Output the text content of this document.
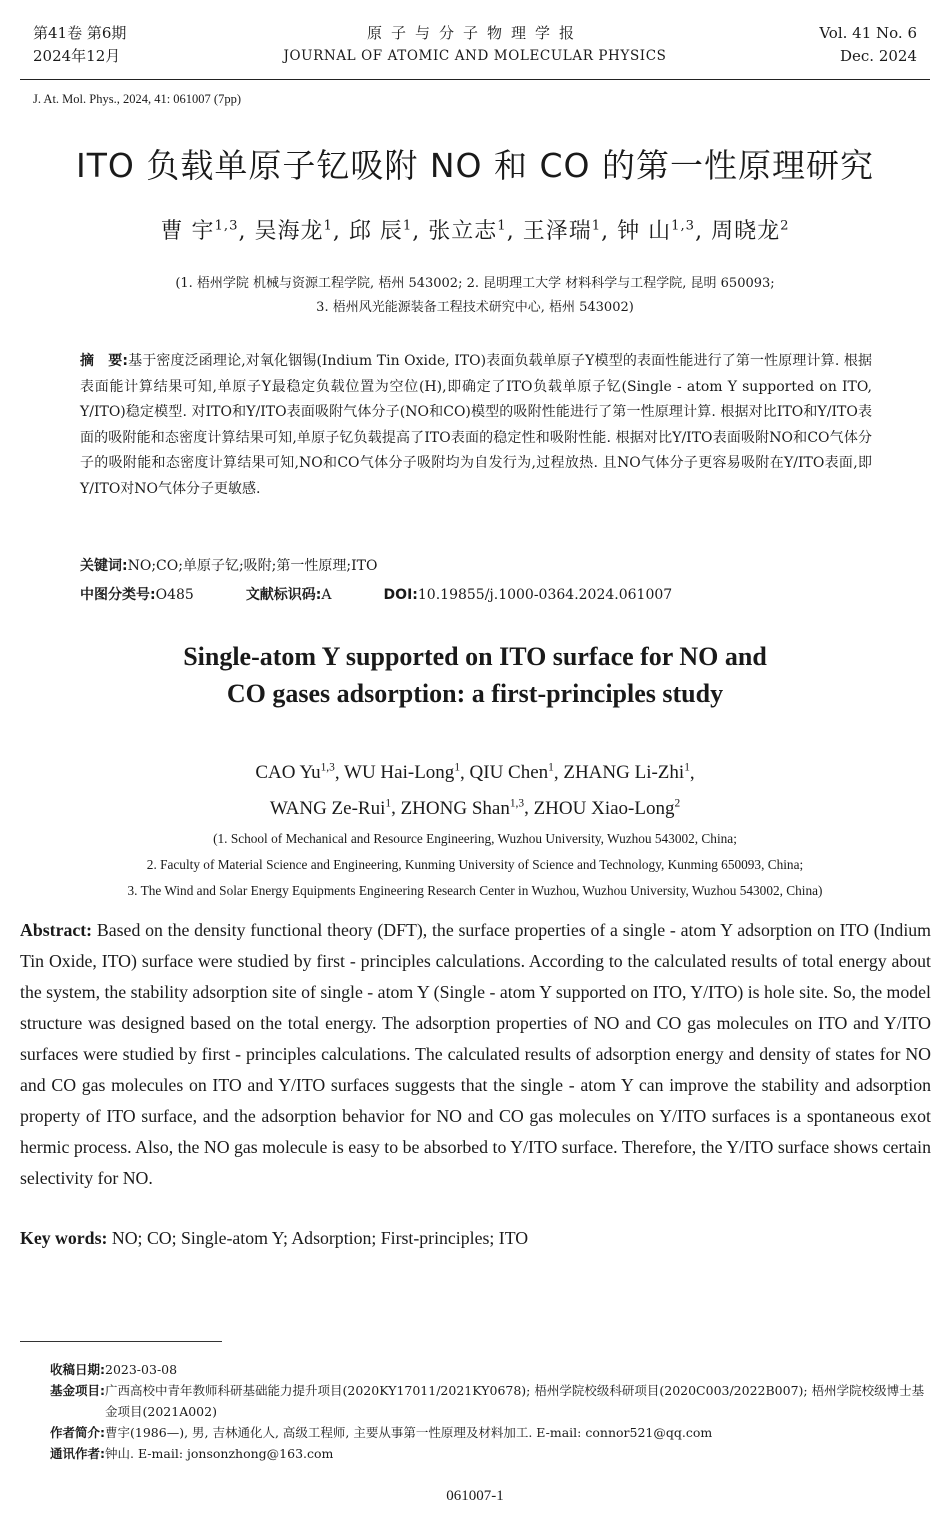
第41卷 第6期
2024年12月
原子与分子物理学报
JOURNAL OF ATOMIC AND MOLECULAR PHYSICS
Vol. 41 No. 6
Dec. 2024
J. At. Mol. Phys., 2024, 41: 061007 (7pp)
ITO 负载单原子钇吸附 NO 和 CO 的第一性原理研究
曹 宇$^{1,3}$, 吴海龙$^1$, 邱 辰$^1$, 张立志$^1$, 王泽瑞$^1$, 钟 山$^{1,3}$, 周晓龙$^2$
(1. 梧州学院 机械与资源工程学院, 梧州 543002; 2. 昆明理工大学 材料科学与工程学院, 昆明 650093;
3. 梧州风光能源装备工程技术研究中心, 梧州 543002)
摘　要:基于密度泛函理论,对氧化铟锡(Indium Tin Oxide, ITO)表面负载单原子Y模型的表面性能进行了第一性原理计算. 根据表面能计算结果可知,单原子Y最稳定负载位置为空位(H),即确定了ITO负载单原子钇(Single - atom Y supported on ITO, Y/ITO)稳定模型. 对ITO和Y/ITO表面吸附气体分子(NO和CO)模型的吸附性能进行了第一性原理计算. 根据对比ITO和Y/ITO表面的吸附能和态密度计算结果可知,单原子钇负载提高了ITO表面的稳定性和吸附性能. 根据对比Y/ITO表面吸附NO和CO气体分子的吸附能和态密度计算结果可知,NO和CO气体分子吸附均为自发行为,过程放热. 且NO气体分子更容易吸附在Y/ITO表面,即Y/ITO对NO气体分子更敏感.
关键词:NO;CO;单原子钇;吸附;第一性原理;ITO
中图分类号:O485	文献标识码:A	DOI:10.19855/j.1000-0364.2024.061007
Single-atom Y supported on ITO surface for NO and
CO gases adsorption: a first-principles study
CAO Yu$^{1,3}$, WU Hai-Long$^1$, QIU Chen$^1$, ZHANG Li-Zhi$^1$,
WANG Ze-Rui$^1$, ZHONG Shan$^{1,3}$, ZHOU Xiao-Long$^2$
(1. School of Mechanical and Resource Engineering, Wuzhou University, Wuzhou 543002, China;
2. Faculty of Material Science and Engineering, Kunming University of Science and Technology, Kunming 650093, China;
3. The Wind and Solar Energy Equipments Engineering Research Center in Wuzhou, Wuzhou University, Wuzhou 543002, China)
Abstract: Based on the density functional theory (DFT), the surface properties of a single - atom Y adsorption on ITO (Indium Tin Oxide, ITO) surface were studied by first - principles calculations. According to the calculated results of total energy about the system, the stability adsorption site of single - atom Y (Single - atom Y supported on ITO, Y/ITO) is hole site. So, the model structure was designed based on the total energy. The adsorption properties of NO and CO gas molecules on ITO and Y/ITO surfaces were studied by first - principles calculations. The calculated results of adsorption energy and density of states for NO and CO gas molecules on ITO and Y/ITO surfaces suggests that the single - atom Y can improve the stability and adsorption property of ITO surface, and the adsorption behavior for NO and CO gas molecules on Y/ITO surfaces is a spontaneous exot hermic process. Also, the NO gas molecule is easy to be absorbed to Y/ITO surface. Therefore, the Y/ITO surface shows certain selectivity for NO.
Key words: NO; CO; Single-atom Y; Adsorption; First-principles; ITO
收稿日期: 2023-03-08
基金项目: 广西高校中青年教师科研基础能力提升项目(2020KY17011/2021KY0678); 梧州学院校级科研项目(2020C003/2022B007); 梧州学院校级博士基金项目(2021A002)
作者简介: 曹宇(1986—), 男, 吉林通化人, 高级工程师, 主要从事第一性原理及材料加工. E-mail: connor521@qq.com
通讯作者: 钟山. E-mail: jonsonzhong@163.com
061007-1
